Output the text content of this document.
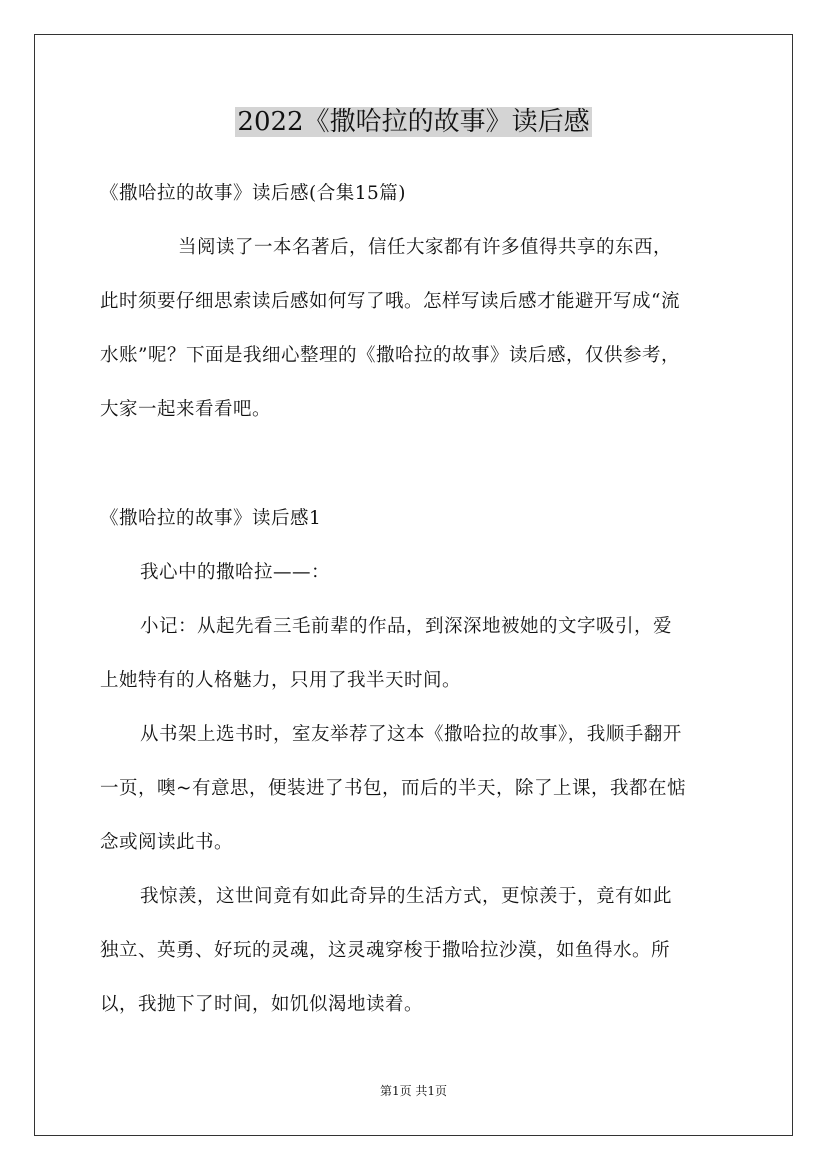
2022《撒哈拉的故事》读后感
《撒哈拉的故事》读后感(合集15篇)
当阅读了一本名著后，信任大家都有许多值得共享的东西，
此时须要仔细思索读后感如何写了哦。怎样写读后感才能避开写成“流
水账”呢？下面是我细心整理的《撒哈拉的故事》读后感，仅供参考，
大家一起来看看吧。
《撒哈拉的故事》读后感1
我心中的撒哈拉——：
小记：从起先看三毛前辈的作品，到深深地被她的文字吸引，爱
上她特有的人格魅力，只用了我半天时间。
从书架上选书时，室友举荐了这本《撒哈拉的故事》，我顺手翻开
一页，噢~有意思，便装进了书包，而后的半天，除了上课，我都在惦
念或阅读此书。
我惊羡，这世间竟有如此奇异的生活方式，更惊羡于，竟有如此
独立、英勇、好玩的灵魂，这灵魂穿梭于撒哈拉沙漠，如鱼得水。所
以，我抛下了时间，如饥似渴地读着。
第1页 共1页
